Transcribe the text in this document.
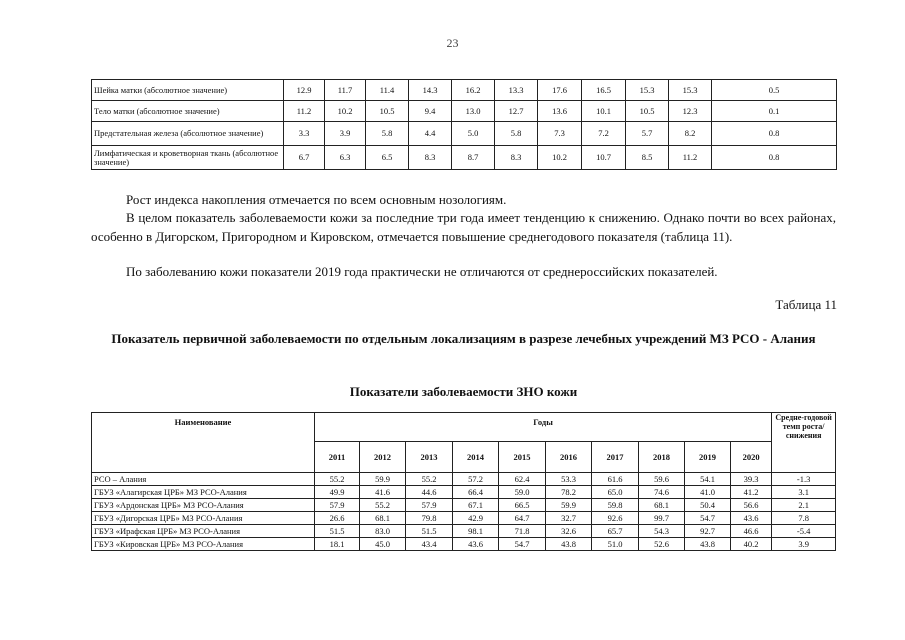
23
Шейка матки (абсолютное значение)	12.9	11.7	11.4	14.3	16.2	13.3	17.6	16.5	15.3	15.3	0.5
Тело матки (абсолютное значение)	11.2	10.2	10.5	9.4	13.0	12.7	13.6	10.1	10.5	12.3	0.1
Предстательная железа (абсолютное значение)	3.3	3.9	5.8	4.4	5.0	5.8	7.3	7.2	5.7	8.2	0.8
Лимфатическая и кроветворная ткань (абсолютное значение)	6.7	6.3	6.5	8.3	8.7	8.3	10.2	10.7	8.5	11.2	0.8

Рост индекса накопления отмечается по всем основным нозологиям.

В целом показатель заболеваемости кожи за последние три года имеет тенденцию к снижению. Однако почти во всех районах, особенно в Дигорском, Пригородном и Кировском, отмечается повышение среднегодового показателя (таблица 11).

По заболеванию кожи показатели 2019 года практически не отличаются от среднероссийских показателей.

Таблица 11
Показатель первичной заболеваемости по отдельным локализациям в разрезе лечебных учреждений МЗ РСО - Алания
Показатели заболеваемости ЗНО кожи
Наименование	Годы										Средне-годовой темп роста/ снижения
	2011	2012	2013	2014	2015	2016	2017	2018	2019	2020	
РСО – Алания	55.2	59.9	55.2	57.2	62.4	53.3	61.6	59.6	54.1	39.3	-1.3
ГБУЗ «Алагирская ЦРБ» МЗ РСО-Алания	49.9	41.6	44.6	66.4	59.0	78.2	65.0	74.6	41.0	41.2	3.1
ГБУЗ «Ардонская ЦРБ» МЗ РСО-Алания	57.9	55.2	57.9	67.1	66.5	59.9	59.8	68.1	50.4	56.6	2.1
ГБУЗ «Дигорская ЦРБ» МЗ РСО-Алания	26.6	68.1	79.8	42.9	64.7	32.7	92.6	99.7	54.7	43.6	7.8
ГБУЗ «Ирафская ЦРБ» МЗ РСО-Алания	51.5	83.0	51.5	98.1	71.8	32.6	65.7	54.3	92.7	46.6	-5.4
ГБУЗ «Кировская ЦРБ» МЗ РСО-Алания	18.1	45.0	43.4	43.6	54.7	43.8	51.0	52.6	43.8	40.2	3.9
